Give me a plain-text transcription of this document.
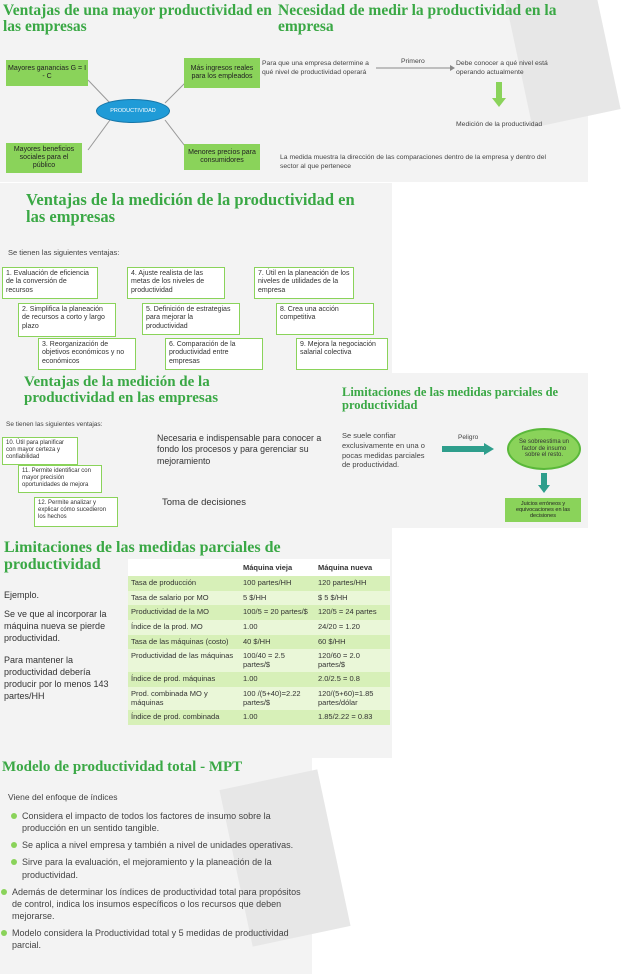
Ventajas de una mayor productividad en las empresas
Mayores ganancias G = I - C
Más ingresos reales para los empleados
PRODUCTIVIDAD
Mayores beneficios sociales para el público
Menores precios para consumidores
Necesidad de medir la productividad en la empresa
Para que una empresa determine a qué nivel de productividad operará
Primero	Debe conocer a qué nivel está operando actualmente
Medición de la productividad
La medida muestra la dirección de las comparaciones dentro de la empresa y dentro del sector al que pertenece
Ventajas de la medición de la productividad en las empresas
Se tienen las siguientes ventajas:
1. Evaluación de eficiencia de la conversión de recursos
2. Simplifica la planeación de recursos a corto y largo plazo
3. Reorganización de objetivos económicos y no económicos
4. Ajuste realista de las metas de los niveles de productividad
5. Definición de estrategias para mejorar la productividad
6. Comparación de la productividad entre empresas
7. Útil en la planeación de los niveles de utilidades de la empresa
8. Crea una acción competitiva
9. Mejora la negociación salarial colectiva
Ventajas de la medición de la productividad en las empresas
Se tienen las siguientes ventajas:
10. Útil para planificar con mayor certeza y confiabilidad
11. Permite identificar con mayor precisión oportunidades de mejora
12. Permite analizar y explicar cómo sucedieron los hechos
Necesaria e indispensable para conocer a fondo los procesos y para gerenciar su mejoramiento
Toma de decisiones
Limitaciones de las medidas parciales de productividad
Se suele confiar exclusivamente en una o pocas medidas parciales de productividad.
Peligro
Se sobreestima un factor de insumo sobre el resto.
Juicios erróneos y equivocaciones en las decisiones
Limitaciones de las medidas parciales de productividad
Ejemplo.
Se ve que al incorporar la máquina nueva se pierde productividad.
Para mantener la productividad debería producir por lo menos 143 partes/HH
	Máquina vieja	Máquina nueva
Tasa de producción	100 partes/HH	120 partes/HH
Tasa de salario por MO	5 $/HH	$ 5 $/HH
Productividad de la MO	100/5 = 20 partes/$	120/5 = 24 partes
Índice de la prod. MO	1.00	24/20 = 1.20
Tasa de las máquinas (costo)	40 $/HH	60 $/HH
Productividad de las máquinas	100/40 = 2.5 partes/$	120/60 = 2.0 partes/$
Índice de prod. máquinas	1.00	2.0/2.5 = 0.8
Prod. combinada MO y máquinas	100 /(5+40)=2.22 partes/$	120/(5+60)=1.85 partes/dólar
Índice de prod. combinada	1.00	1.85/2.22 = 0.83
Modelo de productividad total - MPT
Viene del enfoque de índices
Considera el impacto de todos los factores de insumo sobre la producción en un sentido tangible.
Se aplica a nivel empresa y también a nivel de unidades operativas.
Sirve para la evaluación, el mejoramiento y la planeación de la productividad.
Además de determinar los índices de productividad total para propósitos de control, indica los insumos específicos o los recursos que deben mejorarse.
Modelo considera la Productividad total y 5 medidas de productividad parcial.
